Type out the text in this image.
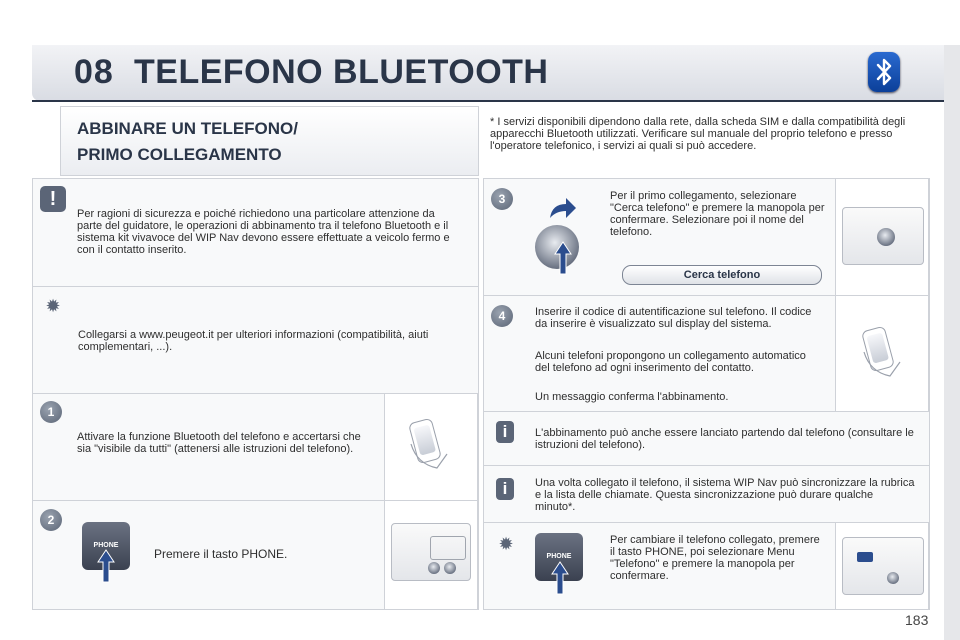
08 TELEFONO BLUETOOTH
ABBINARE UN TELEFONO/
PRIMO COLLEGAMENTO
* I servizi disponibili dipendono dalla rete, dalla scheda SIM e dalla compatibilità degli apparecchi Bluetooth utilizzati. Verificare sul manuale del proprio telefono e presso l'operatore telefonico, i servizi ai quali si può accedere.
!
Per ragioni di sicurezza e poiché richiedono una particolare attenzione da parte del guidatore, le operazioni di abbinamento tra il telefono Bluetooth e il sistema kit vivavoce del WIP Nav devono essere effettuate a veicolo fermo e con il contatto inserito.
✹
Collegarsi a www.peugeot.it per ulteriori informazioni (compatibilità, aiuti complementari, ...).
1
Attivare la funzione Bluetooth del telefono e accertarsi che sia "visibile da tutti" (attenersi alle istruzioni del telefono).
2
PHONE
Premere il tasto PHONE.
3	Per il primo collegamento, selezionare "Cerca telefono" e premere la manopola per confermare. Selezionare poi il nome del telefono.
Cerca telefono
4	Inserire il codice di autentificazione sul telefono. Il codice da inserire è visualizzato sul display del sistema.
Alcuni telefoni propongono un collegamento automatico del telefono ad ogni inserimento del contatto.
Un messaggio conferma l'abbinamento.
i	L'abbinamento può anche essere lanciato partendo dal telefono (consultare le istruzioni del telefono).
i	Una volta collegato il telefono, il sistema WIP Nav può sincronizzare la rubrica e la lista delle chiamate. Questa sincronizzazione può durare qualche minuto*.
✹
PHONE
Per cambiare il telefono collegato, premere il tasto PHONE, poi selezionare Menu "Telefono" e premere la manopola per confermare.
183
